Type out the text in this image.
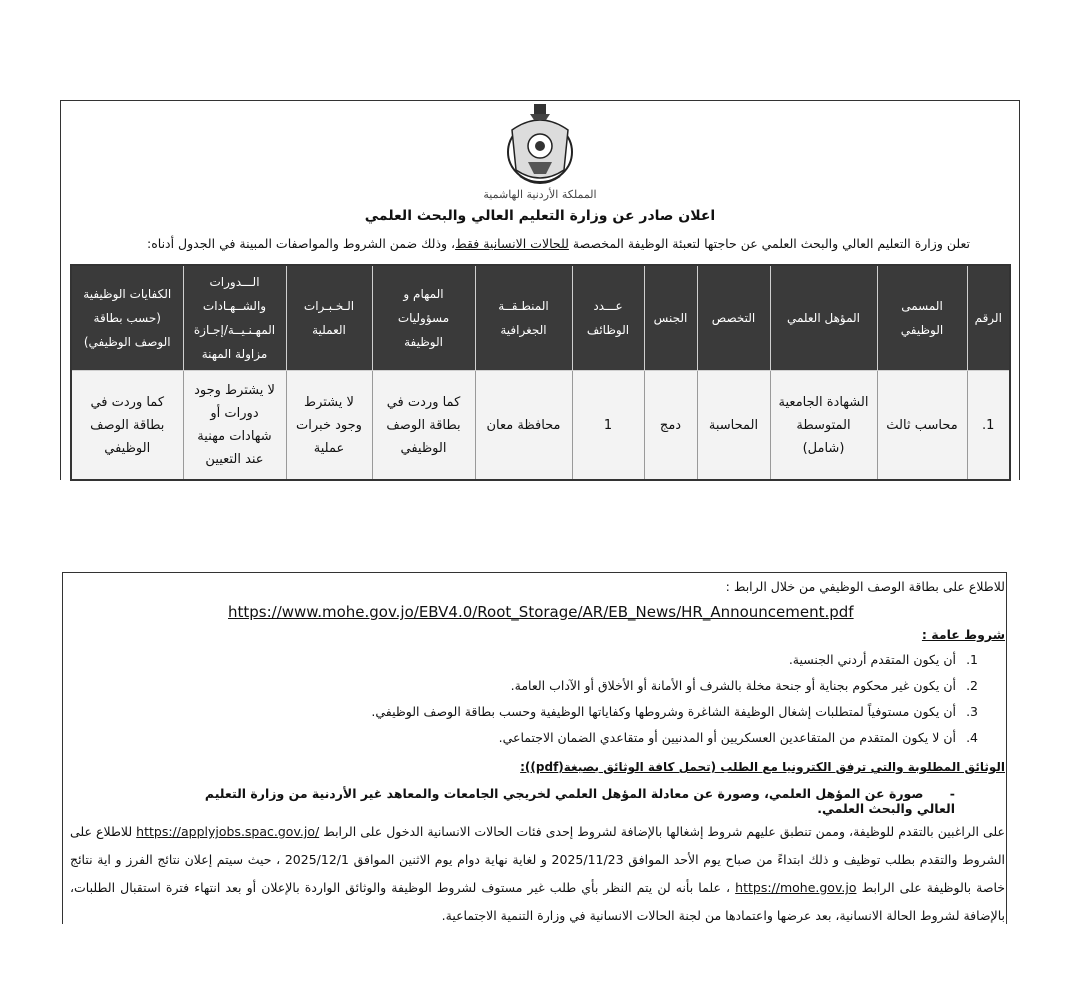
المملكة الأردنية الهاشمية
اعلان صادر عن وزارة التعليم العالي والبحث العلمي
تعلن وزارة التعليم العالي والبحث العلمي عن حاجتها لتعبئة الوظيفة المخصصة للحالات الانسانية فقط، وذلك ضمن الشروط والمواصفات المبينة في الجدول أدناه:
الرقم	المسمى الوظيفي	المؤهل العلمي	التخصص	الجنس	عـــدد الوظائف	المنطـقــة الجغرافية	المهام و مسؤوليات الوظيفة	الـخـبـرات العملية	الـــدورات والشــهـادات المهـنـيــة/إجـازة مزاولة المهنة	الكفايات الوظيفية (حسب بطاقة الوصف الوظيفي)
1.	محاسب ثالث	الشهادة الجامعية المتوسطة (شامل)	المحاسبة	دمج	1	محافظة معان	كما وردت في بطاقة الوصف الوظيفي	لا يشترط وجود خبرات عملية	لا يشترط وجود دورات أو شهادات مهنية عند التعيين	كما وردت في بطاقة الوصف الوظيفي
للاطلاع على بطاقة الوصف الوظيفي من خلال الرابط :
https://www.mohe.gov.jo/EBV4.0/Root_Storage/AR/EB_News/HR_Announcement.pdf
شروط عامة :
1.أن يكون المتقدم أردني الجنسية.
2.أن يكون غير محكوم بجناية أو جنحة مخلة بالشرف أو الأمانة أو الأخلاق أو الآداب العامة.
3.أن يكون مستوفياً لمتطلبات إشغال الوظيفة الشاغرة وشروطها وكفاياتها الوظيفية وحسب بطاقة الوصف الوظيفي.
4.أن لا يكون المتقدم من المتقاعدين العسكريين أو المدنيين أو متقاعدي الضمان الاجتماعي.
الوثائق المطلوبة والتي ترفق الكترونيا مع الطلب (تحمل كافة الوثائق بصيغة(pdf)):
- صورة عن المؤهل العلمي، وصورة عن معادلة المؤهل العلمي لخريجي الجامعات والمعاهد غير الأردنية من وزارة التعليم العالي والبحث العلمي.
على الراغبين بالتقدم للوظيفة، وممن تنطبق عليهم شروط إشغالها بالإضافة لشروط إحدى فئات الحالات الانسانية الدخول على الرابط https://applyjobs.spac.gov.jo/ للاطلاع على الشروط والتقدم بطلب توظيف و ذلك ابتداءً من صباح يوم الأحد الموافق 2025/11/23 و لغاية نهاية دوام يوم الاثنين الموافق 2025/12/1 ، حيث سيتم إعلان نتائج الفرز و اية نتائج خاصة بالوظيفة على الرابط https://mohe.gov.jo ، علما بأنه لن يتم النظر بأي طلب غير مستوف لشروط الوظيفة والوثائق الواردة بالإعلان أو بعد انتهاء فترة استقبال الطلبات، بالإضافة لشروط الحالة الانسانية، بعد عرضها واعتمادها من لجنة الحالات الانسانية في وزارة التنمية الاجتماعية.
